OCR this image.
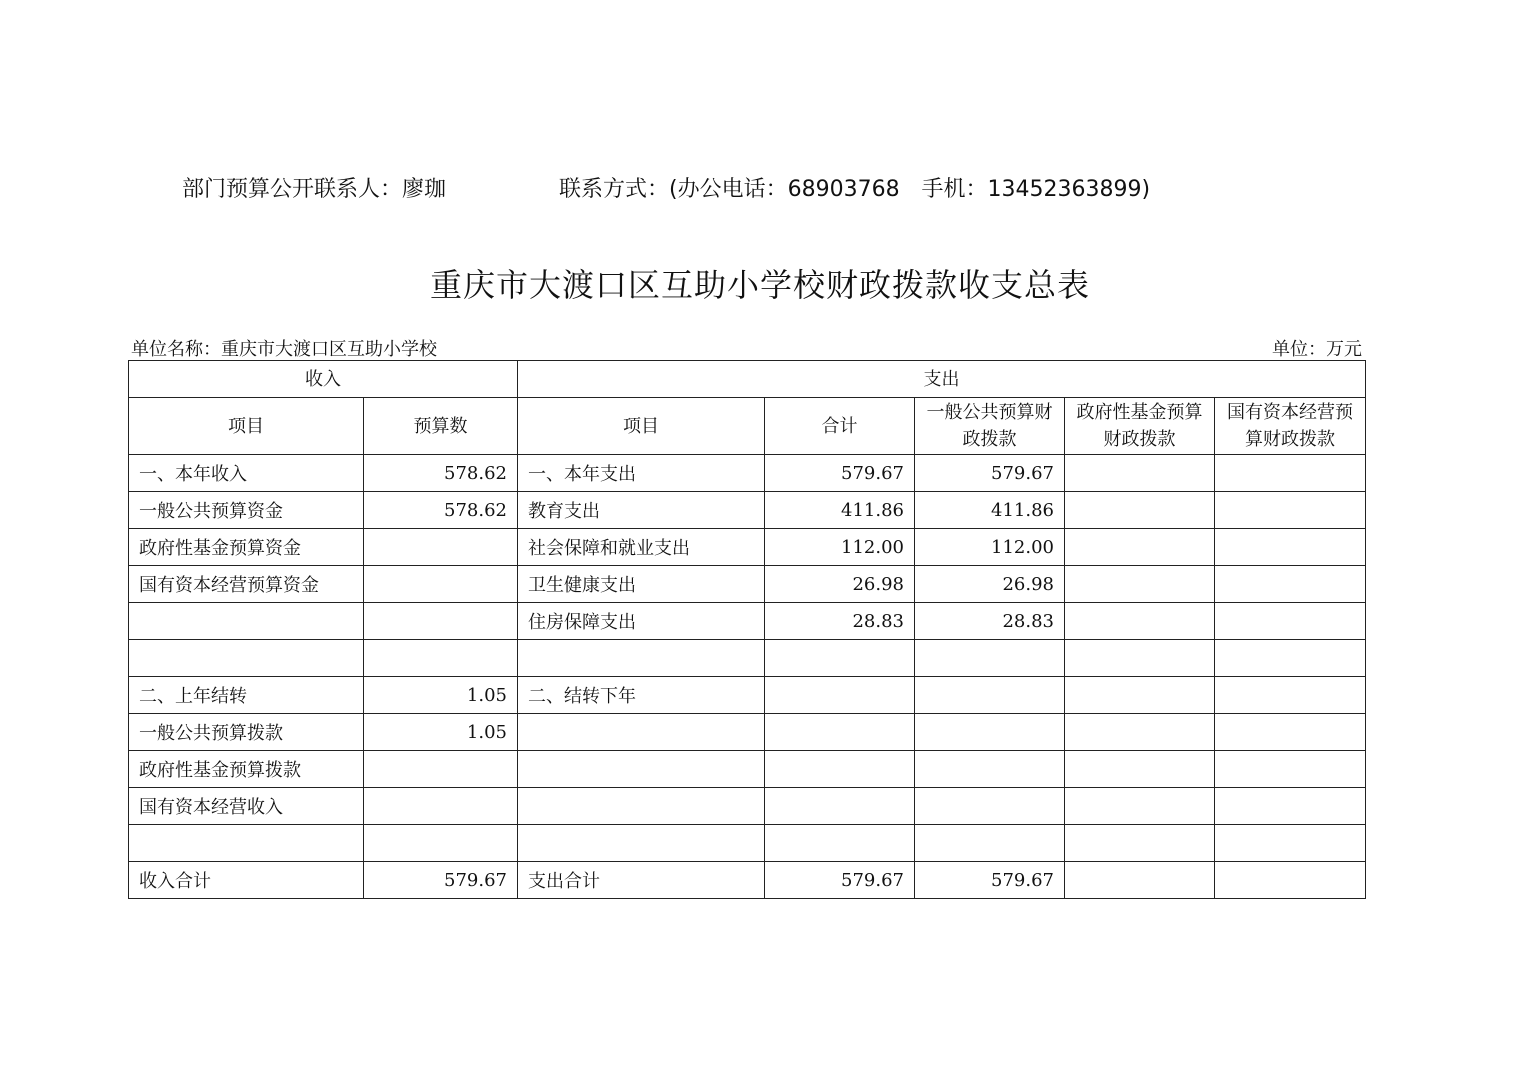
部门预算公开联系人：廖珈	联系方式：(办公电话：68903768　手机：13452363899)
重庆市大渡口区互助小学校财政拨款收支总表
单位名称：重庆市大渡口区互助小学校	单位：万元
收入		支出				
项目	预算数	项目	合计	一般公共预算财政拨款	政府性基金预算财政拨款	国有资本经营预算财政拨款
一、本年收入	578.62	一、本年支出	579.67	579.67		
一般公共预算资金	578.62	教育支出	411.86	411.86		
政府性基金预算资金		社会保障和就业支出	112.00	112.00		
国有资本经营预算资金		卫生健康支出	26.98	26.98		
		住房保障支出	28.83	28.83		

二、上年结转	1.05	二、结转下年				
一般公共预算拨款	1.05					
政府性基金预算拨款						
国有资本经营收入						

收入合计	579.67	支出合计	579.67	579.67		
